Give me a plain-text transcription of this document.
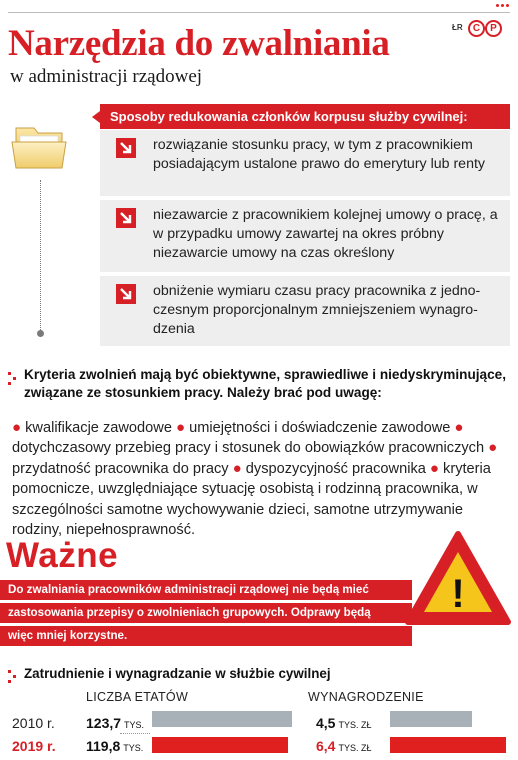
Narzędzia do zwalniania
w administracji rządowej
ŁR	C	P
Sposoby redukowania członków korpusu służby cywilnej:
rozwiązanie stosunku pracy, w tym z pracownikiem posiadającym ustalone prawo do emerytury lub renty
niezawarcie z pracownikiem kolejnej umowy o pracę, a w przypadku umowy zawartej na okres próbny niezawarcie umowy na czas określony
obniżenie wymiaru czasu pracy pracownika z jedno-czesnym proporcjonalnym zmniejszeniem wynagro-dzenia
Kryteria zwolnień mają być obiektywne, sprawiedliwe i niedyskryminujące, związane ze stosunkiem pracy. Należy brać pod uwagę:
● kwalifikacje zawodowe ● umiejętności i doświadczenie zawodowe ● dotychczasowy przebieg pracy i stosunek do obowiązków pracowniczych ● przydatność pracownika do pracy ● dyspozycyjność pracownika ● kryteria pomocnicze, uwzględniające sytuację osobistą i rodzinną pracownika, w szczególności samotne wychowywanie dzieci, samotne utrzymywanie rodziny, niepełnosprawność.
Ważne
Do zwalniania pracowników administracji rządowej nie będą mieć
zastosowania przepisy o zwolnieniach grupowych. Odprawy będą
więc mniej korzystne.
!
Zatrudnienie i wynagradzanie w służbie cywilnej
LICZBA ETATÓW	WYNAGRODZENIE
2010 r. 123,7 TYS.	4,5 TYS. ZŁ
2019 r. 119,8 TYS.	6,4 TYS. ZŁ
